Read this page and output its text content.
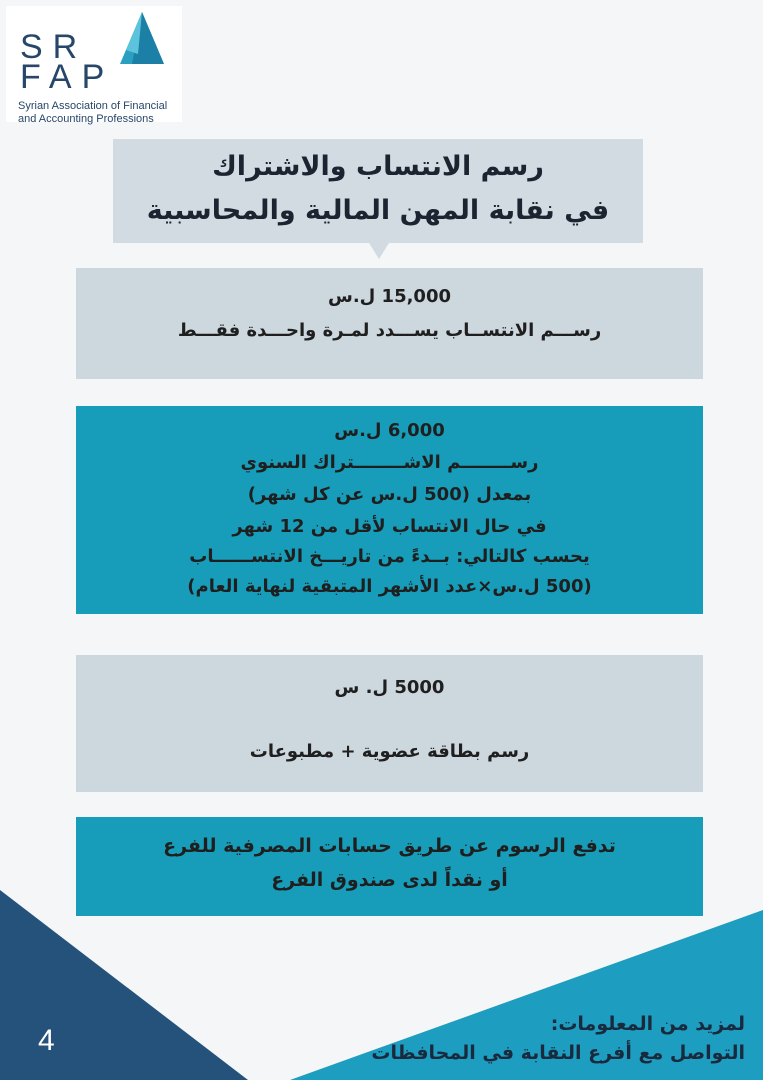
SR
FAP
Syrian Association of Financial
and Accounting Professions
رسم الانتساب والاشتراك
في نقابة المهن المالية والمحاسبية
15,000 ل.س
رســـم الانتســاب يســـدد لمـرة واحـــدة فقـــط
6,000 ل.س
رســــــــم الاشــــــــتراك السنوي
بمعدل (500 ل.س عن كل شهر)
في حال الانتساب لأقل من 12 شهر
يحسب كالتالي: بــدءً من تاريـــخ الانتســــــاب
(500 ل.س×عدد الأشهر المتبقية لنهاية العام)
5000 ل. س
رسم بطاقة عضوية + مطبوعات
تدفع الرسوم عن طريق حسابات المصرفية للفرع
أو نقداً لدى صندوق الفرع
4	لمزيد من المعلومات:
التواصل مع أفرع النقابة في المحافظات
